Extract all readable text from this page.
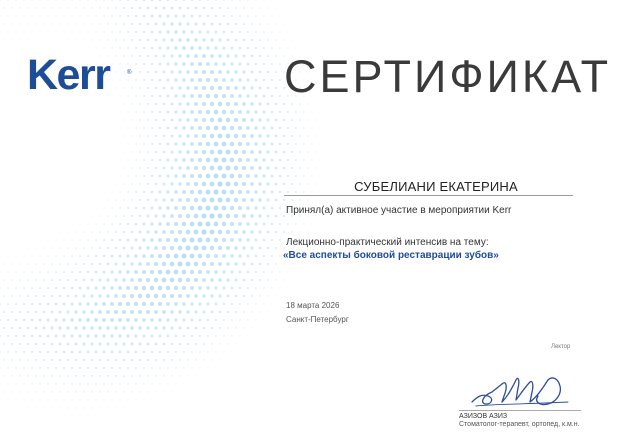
Kerr	®	СЕРТИФИКАТ
СУБЕЛИАНИ ЕКАТЕРИНА
Принял(а) активное участие в мероприятии Kerr
Лекционно-практический интенсив на тему:
«Все аспекты боковой реставрации зубов»
18 марта 2026
Санкт-Петербург
Лектор
АЗИЗОВ АЗИЗ
Стоматолог-терапевт, ортопед, к.м.н.
